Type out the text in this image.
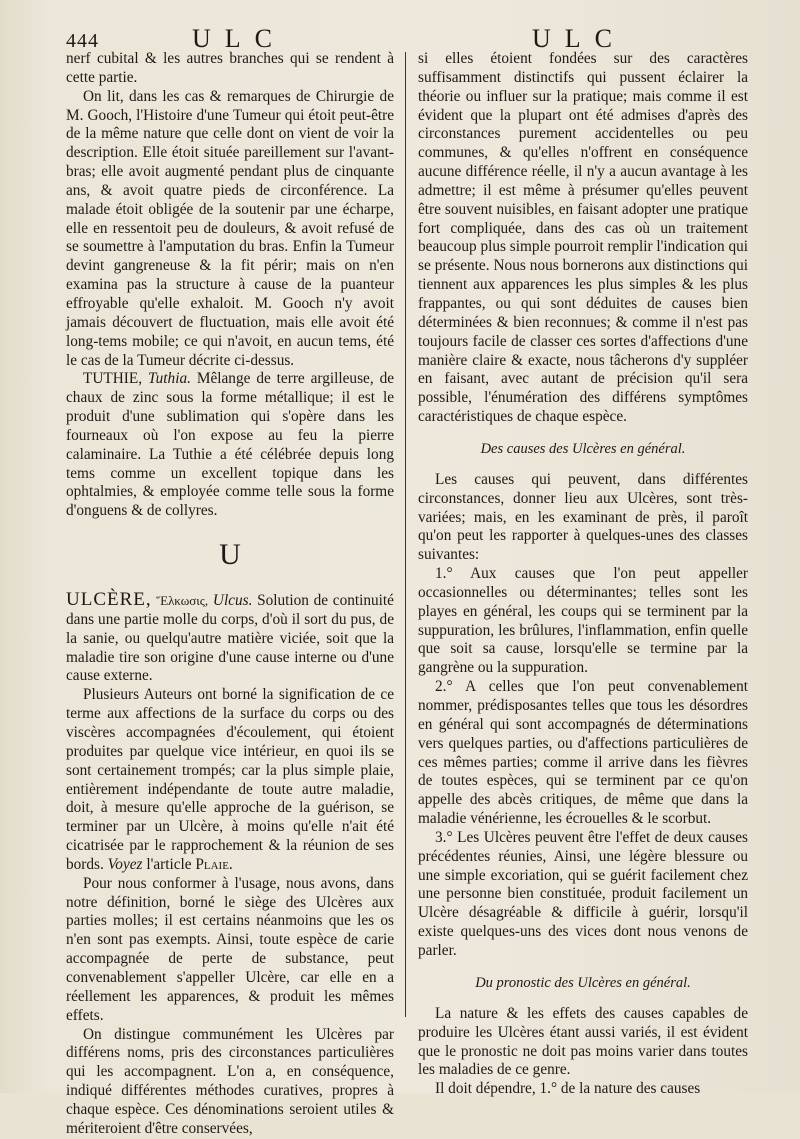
444	ULC	ULC

nerf cubital & les autres branches qui se rendent à cette partie.

On lit, dans les cas & remarques de Chirurgie de M. Gooch, l'Histoire d'une Tumeur qui étoit peut-être de la même nature que celle dont on vient de voir la description. Elle étoit située pareillement sur l'avant-bras; elle avoit augmenté pendant plus de cinquante ans, & avoit quatre pieds de circonférence. La malade étoit obligée de la soutenir par une écharpe, elle en ressentoit peu de douleurs, & avoit refusé de se soumettre à l'amputation du bras. Enfin la Tumeur devint gangreneuse & la fit périr; mais on n'en examina pas la structure à cause de la puanteur effroyable qu'elle exhaloit. M. Gooch n'y avoit jamais découvert de fluctuation, mais elle avoit été long-tems mobile; ce qui n'avoit, en aucun tems, été le cas de la Tumeur décrite ci-dessus.

TUTHIE, Tuthia. Mêlange de terre argilleuse, de chaux de zinc sous la forme métallique; il est le produit d'une sublimation qui s'opère dans les fourneaux où l'on expose au feu la pierre calaminaire. La Tuthie a été célébrée depuis long tems comme un excellent topique dans les ophtalmies, & employée comme telle sous la forme d'onguens & de collyres.

U

ULCÈRE, Ἕλκωσις, Ulcus. Solution de continuité dans une partie molle du corps, d'où il sort du pus, de la sanie, ou quelqu'autre matière viciée, soit que la maladie tire son origine d'une cause interne ou d'une cause externe.

Plusieurs Auteurs ont borné la signification de ce terme aux affections de la surface du corps ou des viscères accompagnées d'écoulement, qui étoient produites par quelque vice intérieur, en quoi ils se sont certainement trompés; car la plus simple plaie, entièrement indépendante de toute autre maladie, doit, à mesure qu'elle approche de la guérison, se terminer par un Ulcère, à moins qu'elle n'ait été cicatrisée par le rapprochement & la réunion de ses bords. Voyez l'article Plaie.

Pour nous conformer à l'usage, nous avons, dans notre définition, borné le siège des Ulcères aux parties molles; il est certains néanmoins que les os n'en sont pas exempts. Ainsi, toute espèce de carie accompagnée de perte de substance, peut convenablement s'appeller Ulcère, car elle en a réellement les apparences, & produit les mêmes effets.

On distingue communément les Ulcères par différens noms, pris des circonstances particulières qui les accompagnent. L'on a, en conséquence, indiqué différentes méthodes curatives, propres à chaque espèce. Ces dénominations seroient utiles & mériteroient d'être conservées,

si elles étoient fondées sur des caractères suffisamment distinctifs qui pussent éclairer la théorie ou influer sur la pratique; mais comme il est évident que la plupart ont été admises d'après des circonstances purement accidentelles ou peu communes, & qu'elles n'offrent en conséquence aucune différence réelle, il n'y a aucun avantage à les admettre; il est même à présumer qu'elles peuvent être souvent nuisibles, en faisant adopter une pratique fort compliquée, dans des cas où un traitement beaucoup plus simple pourroit remplir l'indication qui se présente. Nous nous bornerons aux distinctions qui tiennent aux apparences les plus simples & les plus frappantes, ou qui sont déduites de causes bien déterminées & bien reconnues; & comme il n'est pas toujours facile de classer ces sortes d'affections d'une manière claire & exacte, nous tâcherons d'y suppléer en faisant, avec autant de précision qu'il sera possible, l'énumération des différens symptômes caractéristiques de chaque espèce.

Des causes des Ulcères en général.

Les causes qui peuvent, dans différentes circonstances, donner lieu aux Ulcères, sont très-variées; mais, en les examinant de près, il paroît qu'on peut les rapporter à quelques-unes des classes suivantes:

1.° Aux causes que l'on peut appeller occasionnelles ou déterminantes; telles sont les playes en général, les coups qui se terminent par la suppuration, les brûlures, l'inflammation, enfin quelle que soit sa cause, lorsqu'elle se termine par la gangrène ou la suppuration.

2.° A celles que l'on peut convenablement nommer, prédisposantes telles que tous les désordres en général qui sont accompagnés de déterminations vers quelques parties, ou d'affections particulières de ces mêmes parties; comme il arrive dans les fièvres de toutes espèces, qui se terminent par ce qu'on appelle des abcès critiques, de même que dans la maladie vénérienne, les écrouelles & le scorbut.

3.° Les Ulcères peuvent être l'effet de deux causes précédentes réunies, Ainsi, une légère blessure ou une simple excoriation, qui se guérit facilement chez une personne bien constituée, produit facilement un Ulcère désagréable & difficile à guérir, lorsqu'il existe quelques-uns des vices dont nous venons de parler.

Du pronostic des Ulcères en général.

La nature & les effets des causes capables de produire les Ulcères étant aussi variés, il est évident que le pronostic ne doit pas moins varier dans toutes les maladies de ce genre.

Il doit dépendre, 1.° de la nature des causes
